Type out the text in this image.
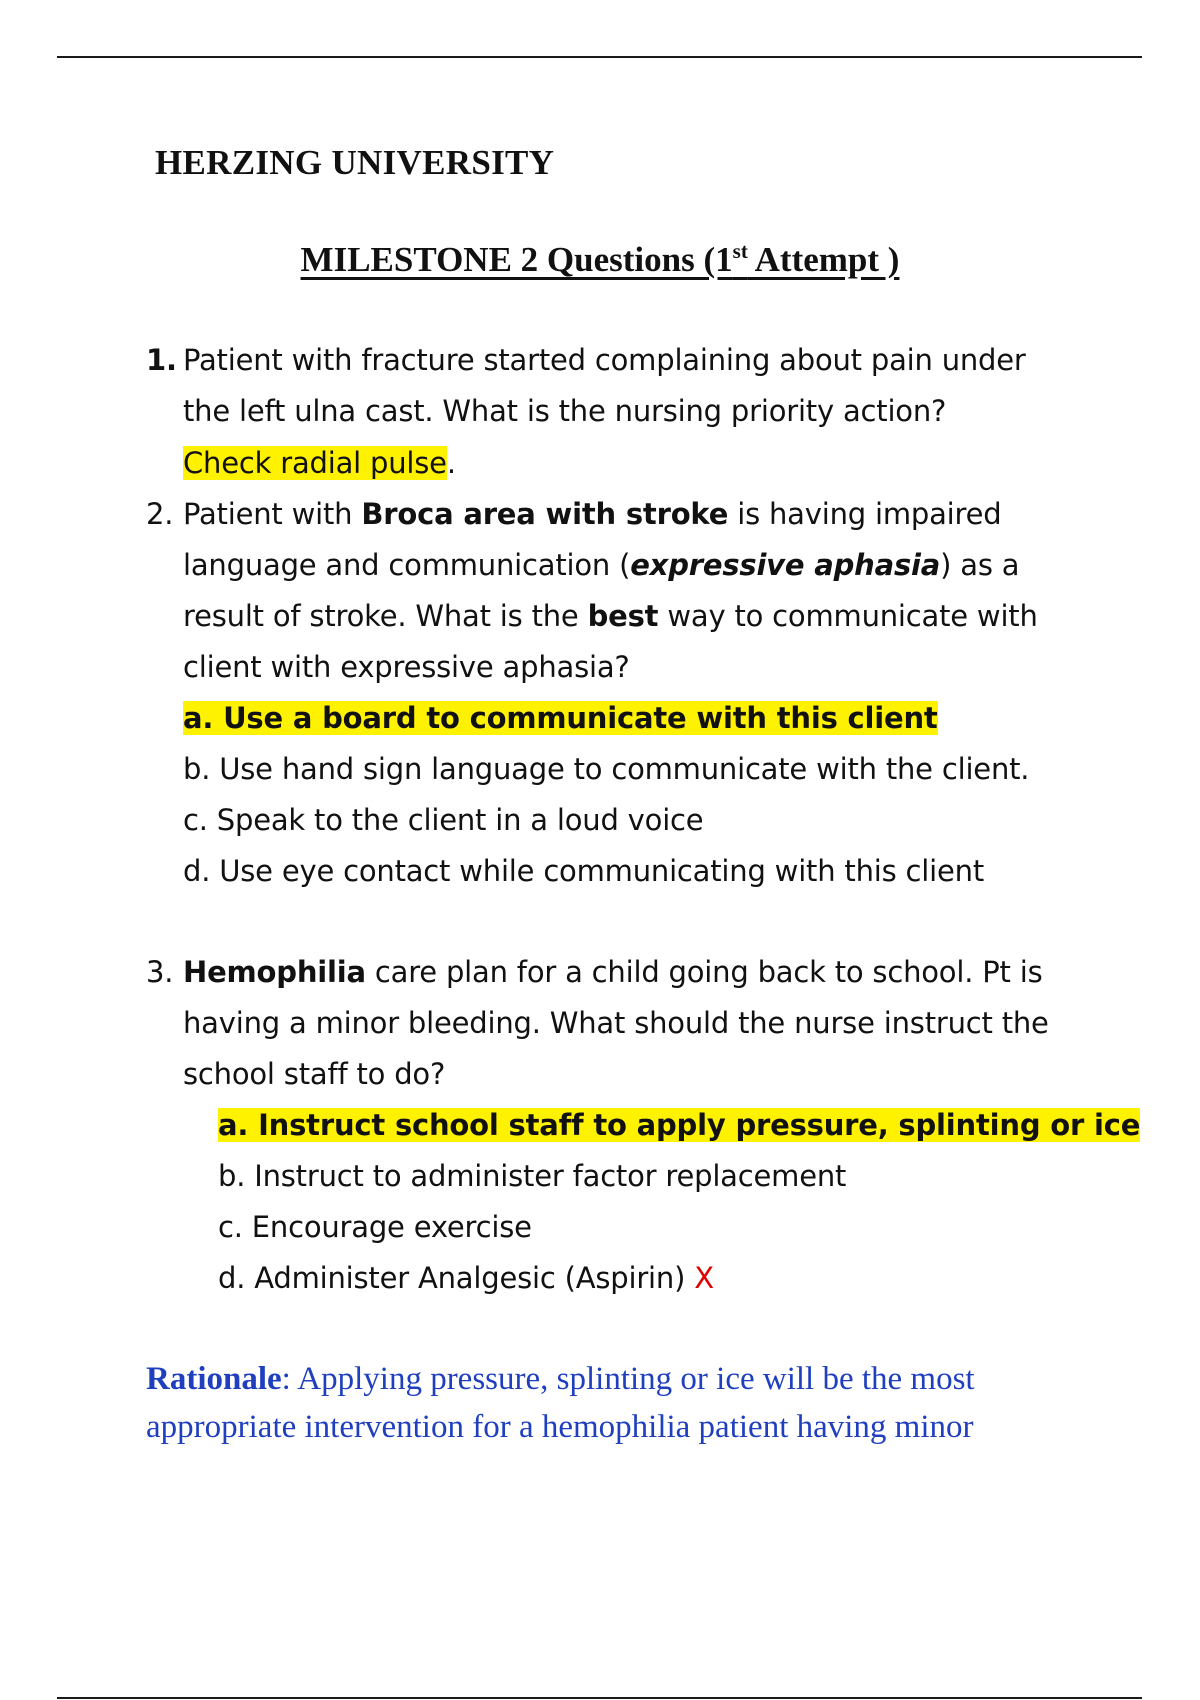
HERZING UNIVERSITY
MILESTONE 2 Questions (1st Attempt )
1. Patient with fracture started complaining about pain under
the left ulna cast. What is the nursing priority action?
Check radial pulse.
2. Patient with Broca area with stroke is having impaired
language and communication (expressive aphasia) as a
result of stroke. What is the best way to communicate with
client with expressive aphasia?
a. Use a board to communicate with this client
b. Use hand sign language to communicate with the client.
c. Speak to the client in a loud voice
d. Use eye contact while communicating with this client
3. Hemophilia care plan for a child going back to school. Pt is
having a minor bleeding. What should the nurse instruct the
school staff to do?
a. Instruct school staff to apply pressure, splinting or ice
b. Instruct to administer factor replacement
c. Encourage exercise
d. Administer Analgesic (Aspirin) X
Rationale: Applying pressure, splinting or ice will be the most
appropriate intervention for a hemophilia patient having minor
